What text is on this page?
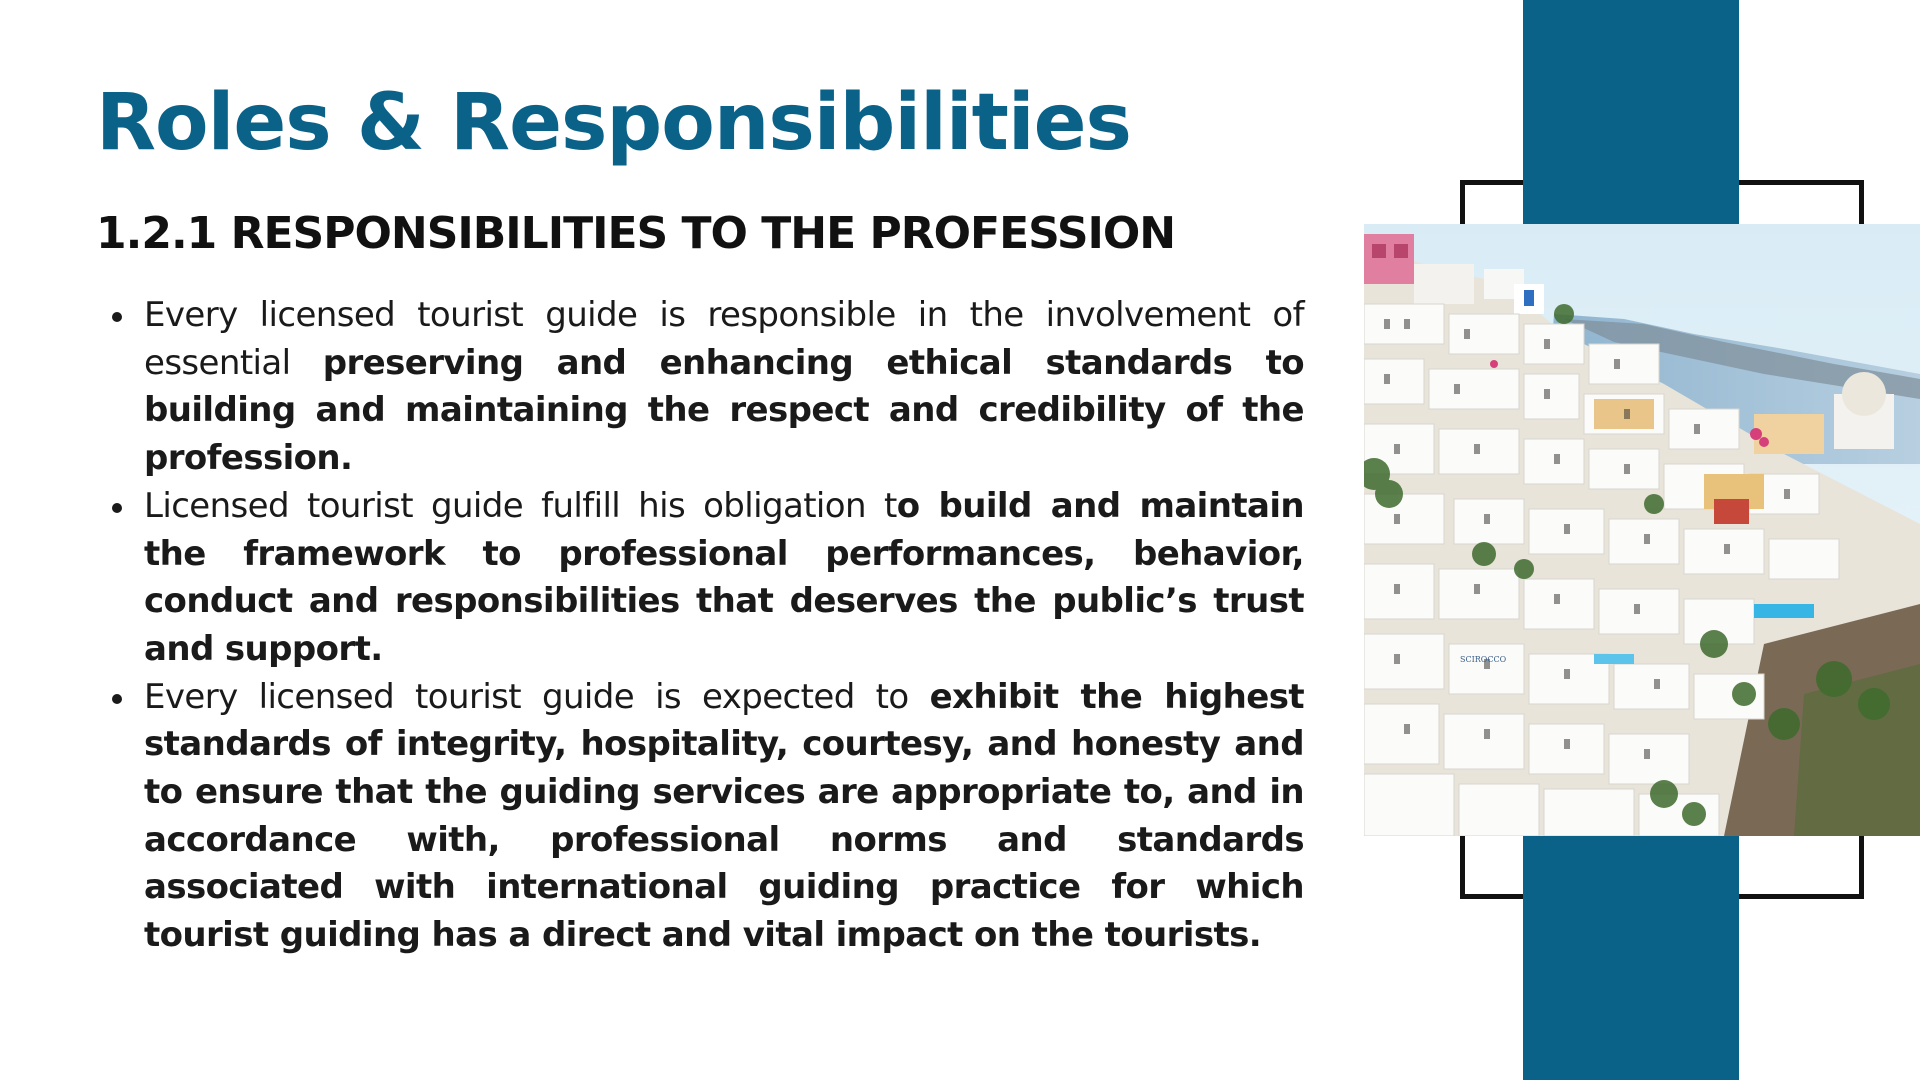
Roles & Responsibilities
1.2.1 RESPONSIBILITIES TO THE PROFESSION
Every licensed tourist guide is responsible in the involvement of essential preserving and enhancing ethical standards to building and maintaining the respect and credibility of the profession.
Licensed tourist guide fulfill his obligation to build and maintain the framework to professional performances, behavior, conduct and responsibilities that deserves the public’s trust and support.
Every licensed tourist guide is expected to exhibit the highest standards of integrity, hospitality, courtesy, and honesty and to ensure that the guiding services are appropriate to, and in accordance with, professional norms and standards associated with international guiding practice for which tourist guiding has a direct and vital impact on the tourists.
SCIROCCO
